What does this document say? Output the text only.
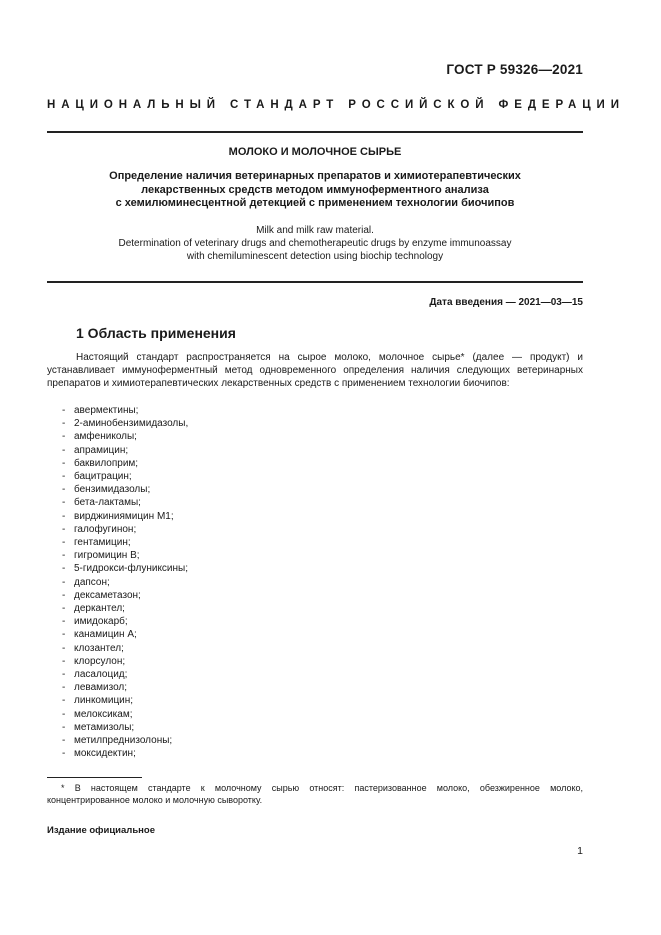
ГОСТ Р 59326—2021
НАЦИОНАЛЬНЫЙ СТАНДАРТ РОССИЙСКОЙ ФЕДЕРАЦИИ
МОЛОКО И МОЛОЧНОЕ СЫРЬЕ
Определение наличия ветеринарных препаратов и химиотерапевтических
лекарственных средств методом иммуноферментного анализа
с хемилюминесцентной детекцией с применением технологии биочипов
Milk and milk raw material.
Determination of veterinary drugs and chemotherapeutic drugs by enzyme immunoassay
with chemiluminescent detection using biochip technology
Дата введения — 2021—03—15
1 Область применения
Настоящий стандарт распространяется на сырое молоко, молочное сырье* (далее — продукт) и устанавливает иммуноферментный метод одновременного определения наличия следующих ветеринарных препаратов и химиотерапевтических лекарственных средств с применением технологии биочипов:
- авермектины;
- 2-аминобензимидазолы,
- амфениколы;
- апрамицин;
- баквилоприм;
- бацитрацин;
- бензимидазолы;
- бета-лактамы;
- вирджиниямицин М1;
- галофугинон;
- гентамицин;
- гигромицин В;
- 5-гидрокси-флуниксины;
- дапсон;
- дексаметазон;
- деркантел;
- имидокарб;
- канамицин А;
- клозантел;
- клорсулон;
- ласалоцид;
- левамизол;
- линкомицин;
- мелоксикам;
- метамизолы;
- метилпреднизолоны;
- моксидектин;
* В настоящем стандарте к молочному сырью относят: пастеризованное молоко, обезжиренное молоко, концентрированное молоко и молочную сыворотку.
Издание официальное
1
